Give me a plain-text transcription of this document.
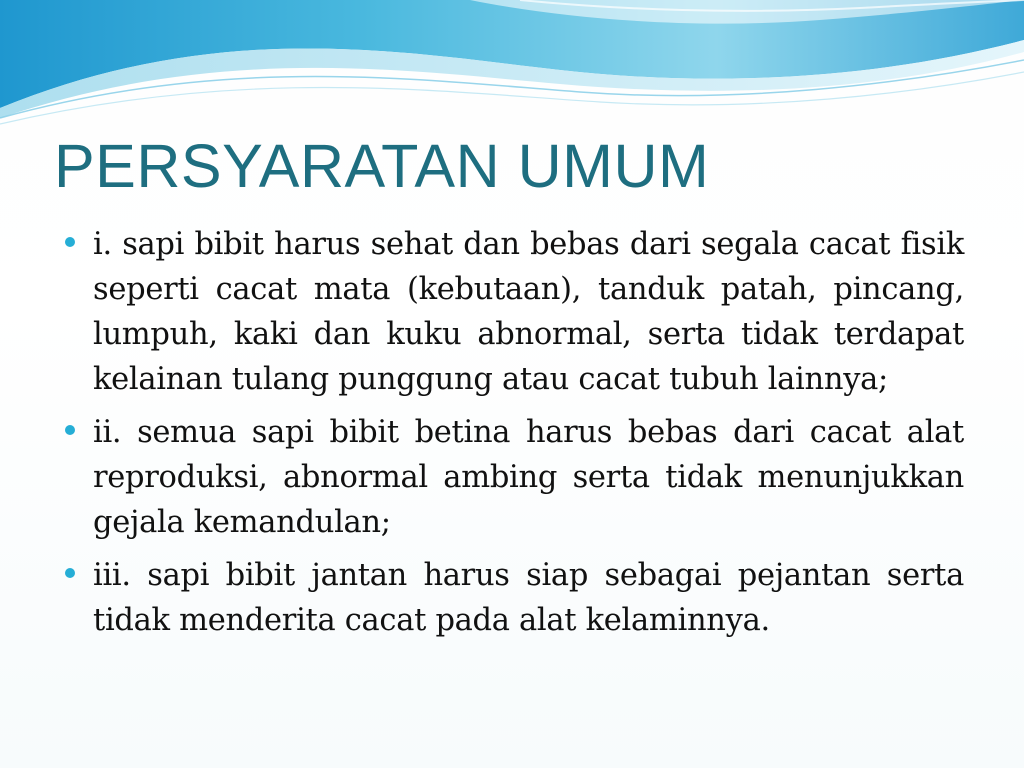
PERSYARATAN UMUM
i. sapi bibit harus sehat dan bebas dari segala cacat fisik seperti cacat mata (kebutaan), tanduk patah, pincang, lumpuh, kaki dan kuku abnormal, serta tidak terdapat kelainan tulang punggung atau cacat tubuh lainnya;
ii. semua sapi bibit betina harus bebas dari cacat alat reproduksi, abnormal ambing serta tidak menunjukkan gejala kemandulan;
iii. sapi bibit jantan harus siap sebagai pejantan serta tidak menderita cacat pada alat kelaminnya.
